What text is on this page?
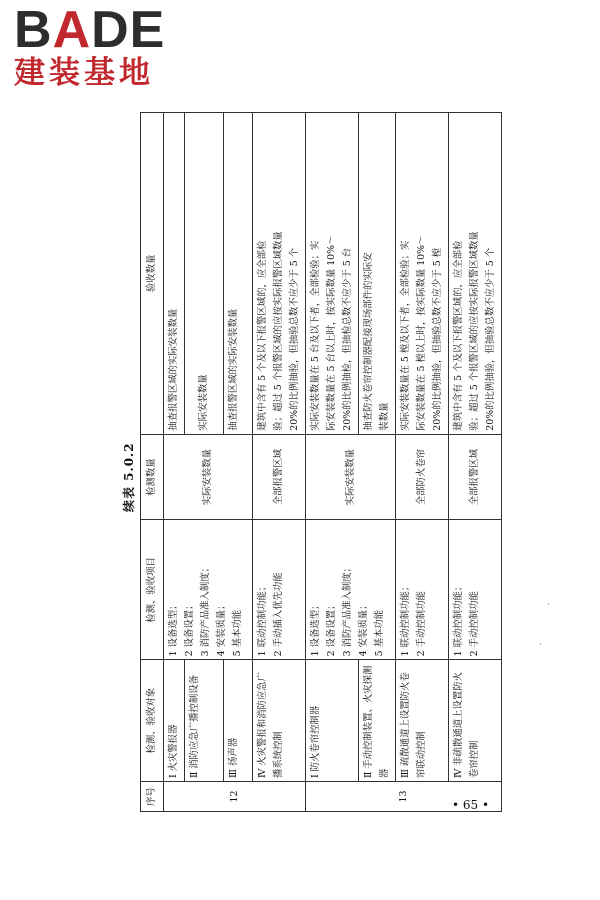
BADE
建装基地
·
·
续表 5.0.2
序号	检测、验收对象	检测、验收项目	检测数量	验收数量
12	Ⅰ 火灾警报器	1 设备选型； 2 设备设置； 3 消防产品准入制度； 4 安装质量； 5 基本功能	实际安装数量	抽查报警区域的实际安装数量

	Ⅱ 消防应急广播控制设备			实际安装数量

	Ⅲ 扬声器			抽查报警区域的实际安装数量

	Ⅳ 火灾警报和消防应急广播系统控制	1 联动控制功能； 2 手动插入优先功能	全部报警区域	建筑中含有 5 个及以下报警区域的，应全部检 验；超过 5 个报警区域的应按实际报警区域数量 20%的比例抽验，但抽验总数不应少于 5 个

13	Ⅰ 防火卷帘控制器	1 设备选型； 2 设备设置； 3 消防产品准入制度； 4 安装质量； 5 基本功能	实际安装数量	实际安装数量在 5 台及以下者，全部检验；实 际安装数量在 5 台以上时，按实际数量 10%～ 20%的比例抽检，但抽检总数不应少于 5 台

	Ⅱ 手动控制装置、火灾探测器			抽查防火卷帘控制器配接现场部件的实际安 装数量

	Ⅲ 疏散通道上设置防火卷帘联动控制	1 联动控制功能； 2 手动控制功能	全部防火卷帘	实际安装数量在 5 樘及以下者，全部检验；实 际安装数量在 5 樘以上时，按实际数量 10%～ 20%的比例抽验，但抽验总数不应少于 5 樘

	Ⅳ 非疏散通道上设置防火卷帘控制	1 联动控制功能； 2 手动控制功能	全部报警区域	建筑中含有 5 个及以下报警区域的，应全部检 验；超过 5 个报警区域的应按实际报警区域数量 20%的比例抽验，但抽验总数不应少于 5 个
• 65 •
